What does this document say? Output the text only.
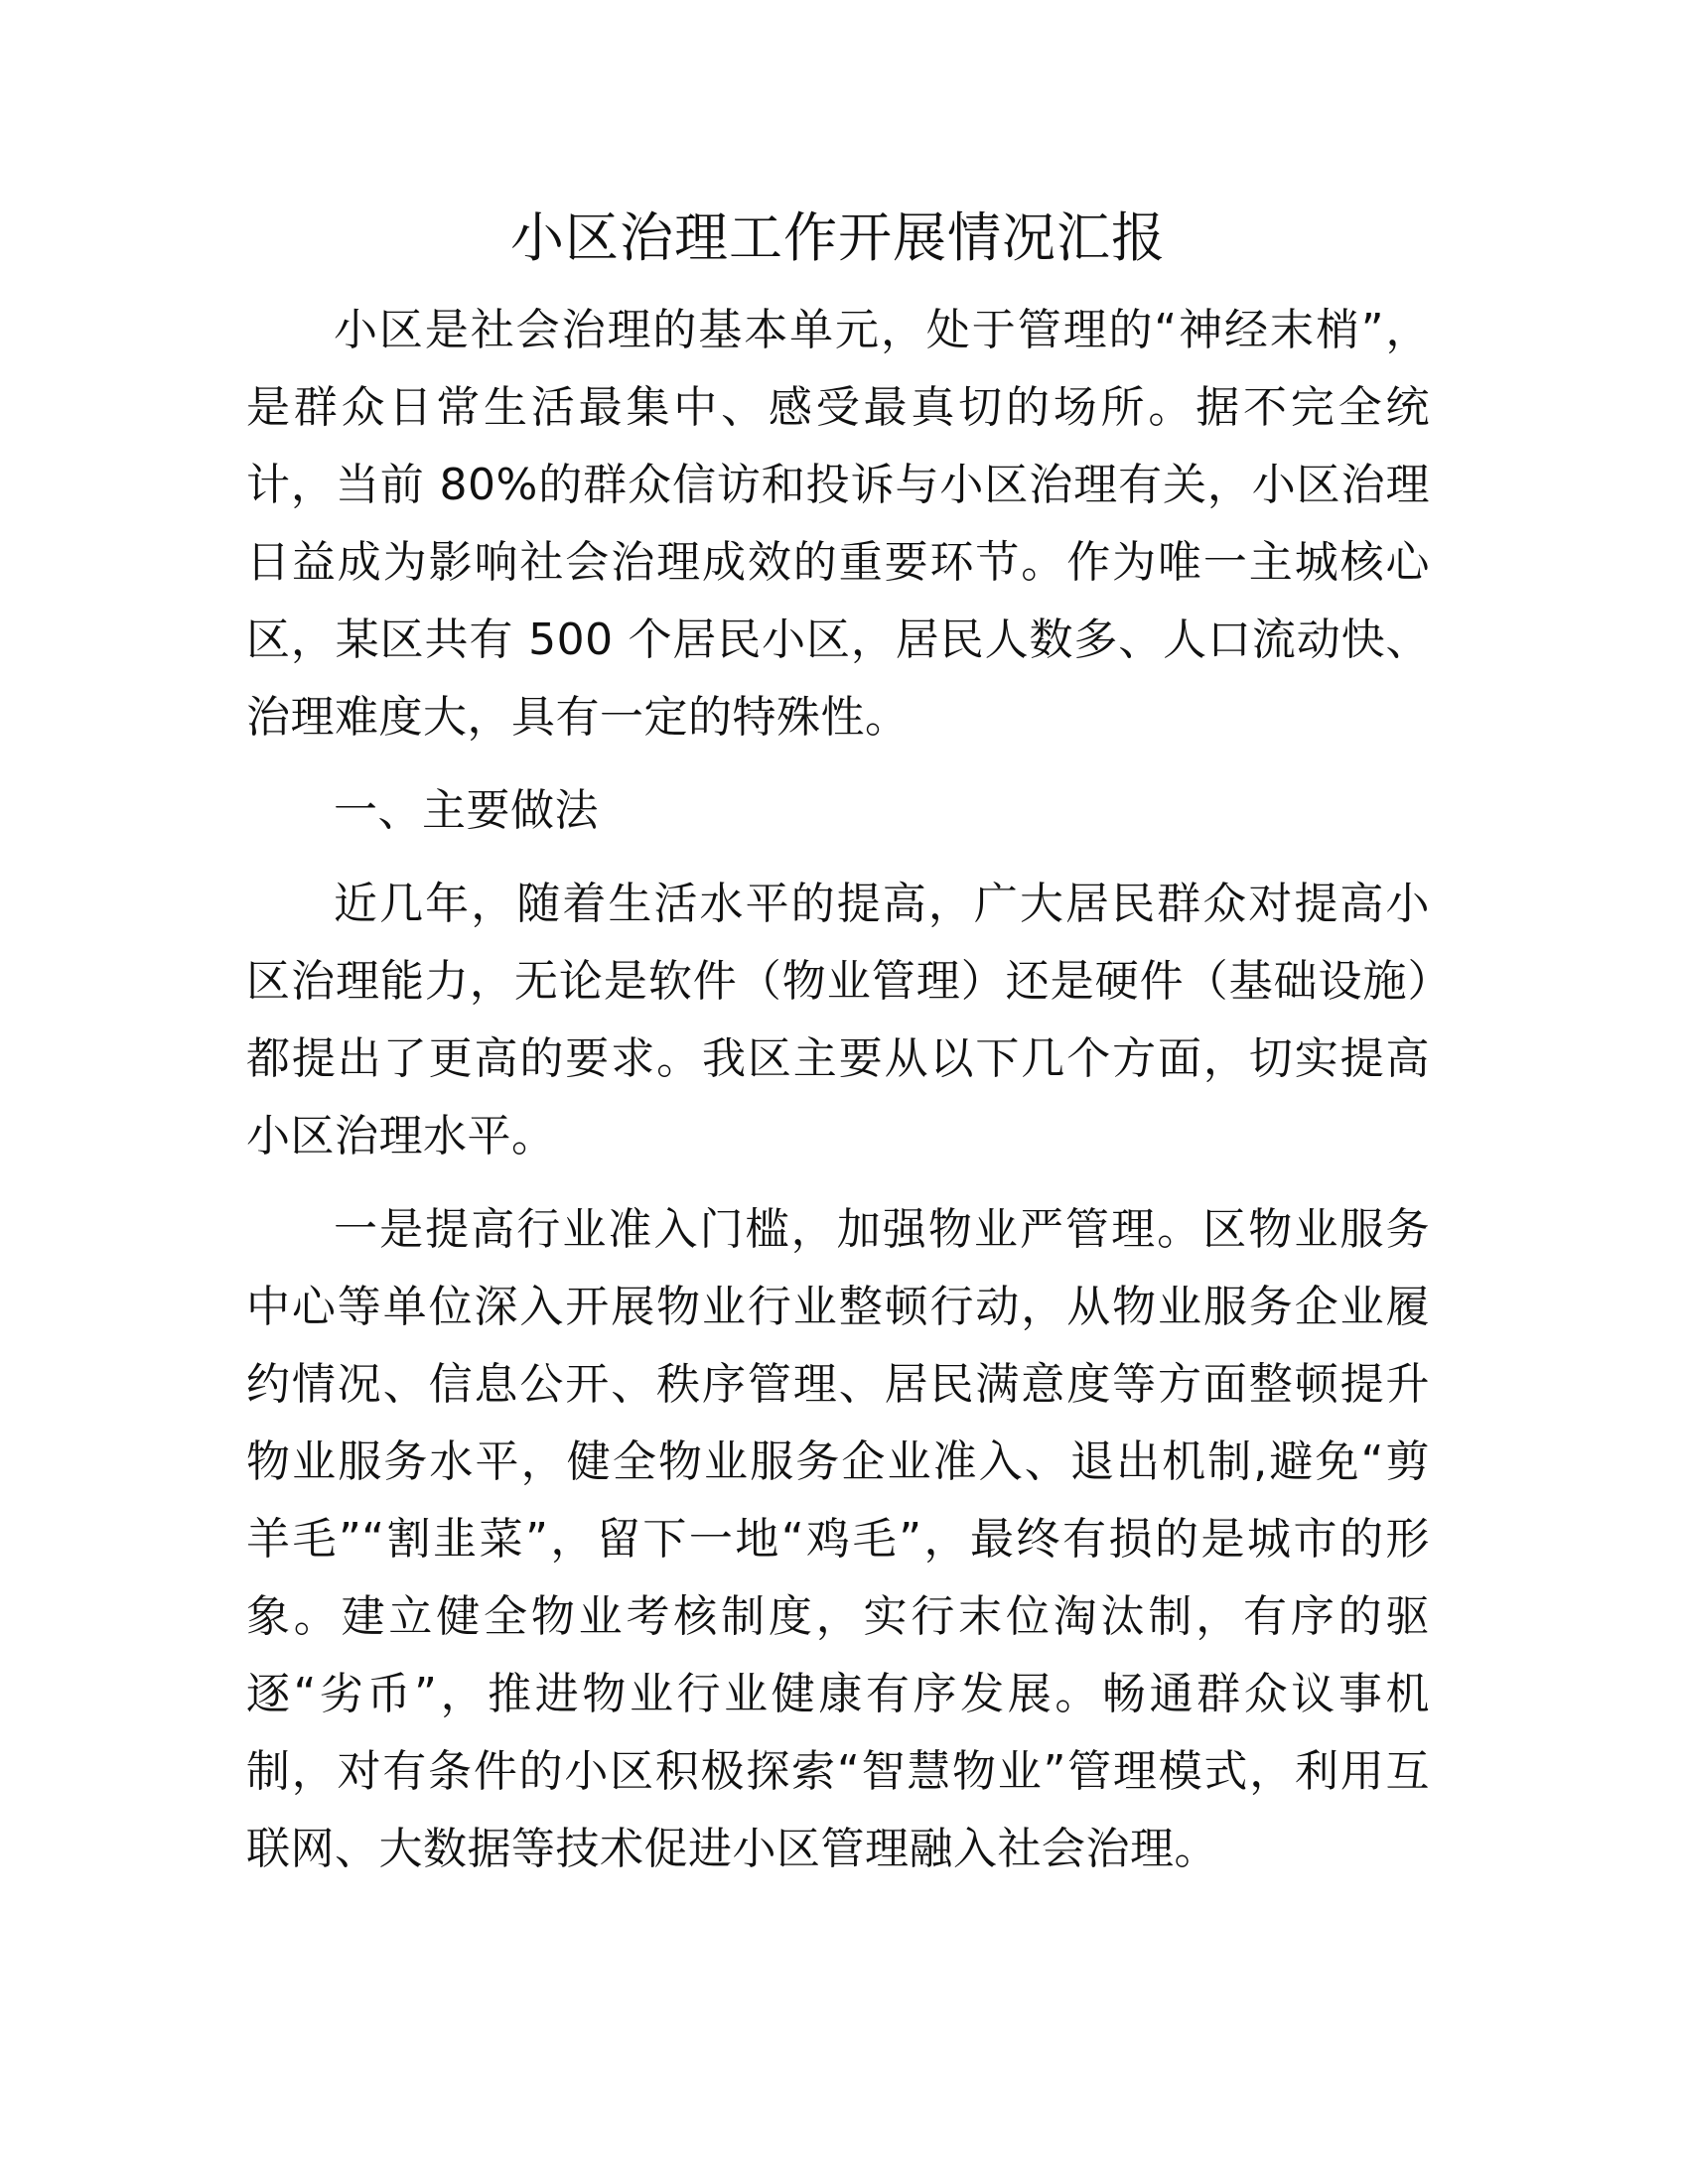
小区治理工作开展情况汇报

小区是社会治理的基本单元，处于管理的“神经末梢”，是群众日常生活最集中、感受最真切的场所。据不完全统计，当前 80%的群众信访和投诉与小区治理有关，小区治理日益成为影响社会治理成效的重要环节。作为唯一主城核心区，某区共有 500 个居民小区，居民人数多、人口流动快、治理难度大，具有一定的特殊性。

一、主要做法

近几年，随着生活水平的提高，广大居民群众对提高小区治理能力，无论是软件（物业管理）还是硬件（基础设施）都提出了更高的要求。我区主要从以下几个方面，切实提高小区治理水平。

一是提高行业准入门槛，加强物业严管理。区物业服务中心等单位深入开展物业行业整顿行动，从物业服务企业履约情况、信息公开、秩序管理、居民满意度等方面整顿提升物业服务水平，健全物业服务企业准入、退出机制,避免“剪羊毛”“割韭菜”，留下一地“鸡毛”，最终有损的是城市的形象。建立健全物业考核制度，实行末位淘汰制，有序的驱逐“劣币”，推进物业行业健康有序发展。畅通群众议事机制，对有条件的小区积极探索“智慧物业”管理模式，利用互联网、大数据等技术促进小区管理融入社会治理。
